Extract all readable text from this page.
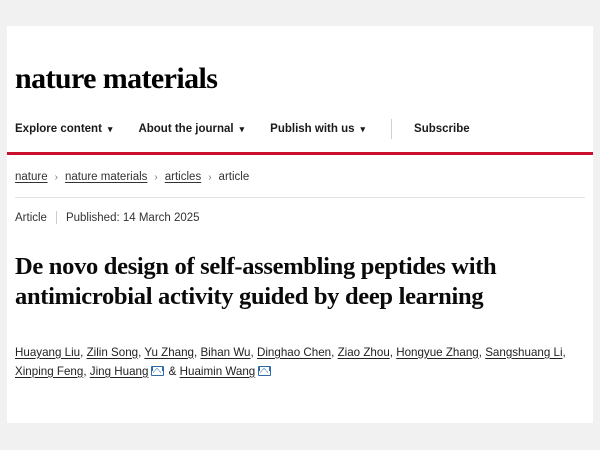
nature materials
Explore content ▾ About the journal ▾ Publish with us ▾	Subscribe
nature › nature materials › articles › article
Article Published: 14 March 2025
De novo design of self-assembling peptides with antimicrobial activity guided by deep learning
Huayang Liu, Zilin Song, Yu Zhang, Bihan Wu, Dinghao Chen, Ziao Zhou, Hongyue Zhang, Sangshuang Li, Xinping Feng, Jing Huang & Huaimin Wang
